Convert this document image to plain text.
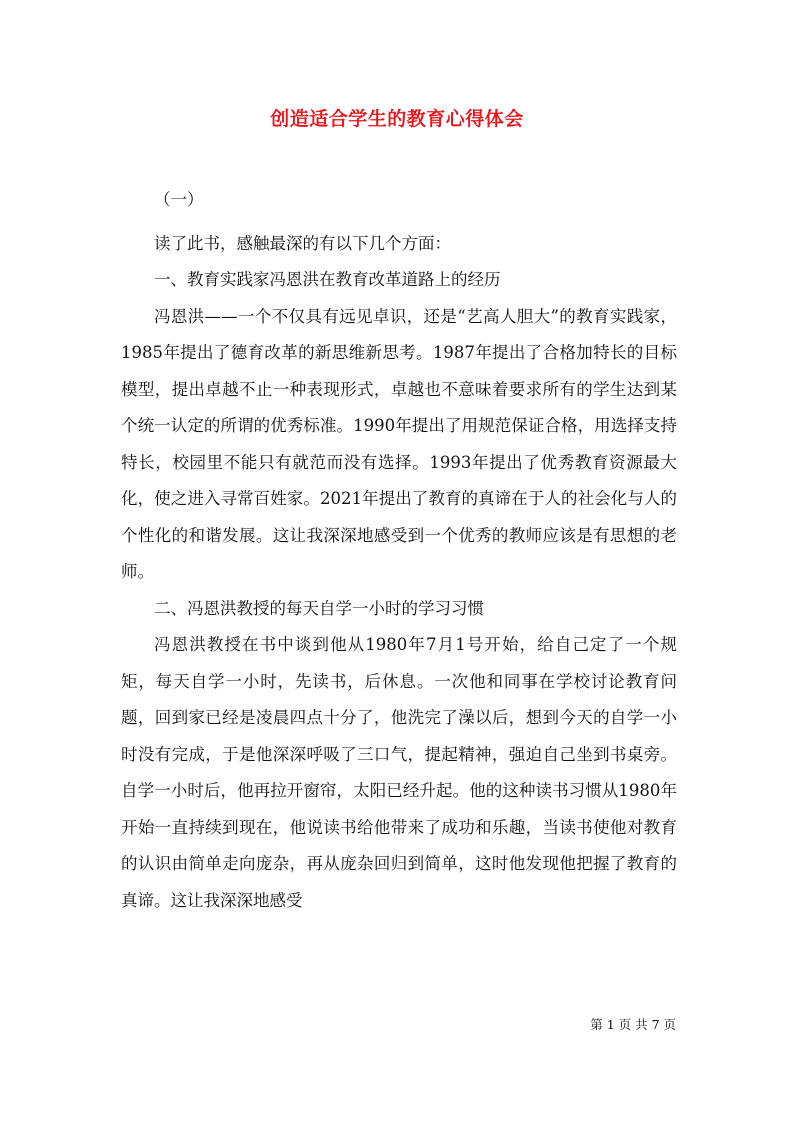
创造适合学生的教育心得体会

（一）

读了此书，感触最深的有以下几个方面：

一、教育实践家冯恩洪在教育改革道路上的经历

冯恩洪——一个不仅具有远见卓识，还是“艺高人胆大”的教育实践家，1985年提出了德育改革的新思维新思考。1987年提出了合格加特长的目标模型，提出卓越不止一种表现形式，卓越也不意味着要求所有的学生达到某个统一认定的所谓的优秀标准。1990年提出了用规范保证合格，用选择支持特长，校园里不能只有就范而没有选择。1993年提出了优秀教育资源最大化，使之进入寻常百姓家。2021年提出了教育的真谛在于人的社会化与人的个性化的和谐发展。这让我深深地感受到一个优秀的教师应该是有思想的老师。

二、冯恩洪教授的每天自学一小时的学习习惯

冯恩洪教授在书中谈到他从1980年7月1号开始，给自己定了一个规矩，每天自学一小时，先读书，后休息。一次他和同事在学校讨论教育问题，回到家已经是凌晨四点十分了，他洗完了澡以后，想到今天的自学一小时没有完成，于是他深深呼吸了三口气，提起精神，强迫自己坐到书桌旁。自学一小时后，他再拉开窗帘，太阳已经升起。他的这种读书习惯从1980年开始一直持续到现在，他说读书给他带来了成功和乐趣，当读书使他对教育的认识由简单走向庞杂，再从庞杂回归到简单，这时他发现他把握了教育的真谛。这让我深深地感受

第 1 页 共 7 页
